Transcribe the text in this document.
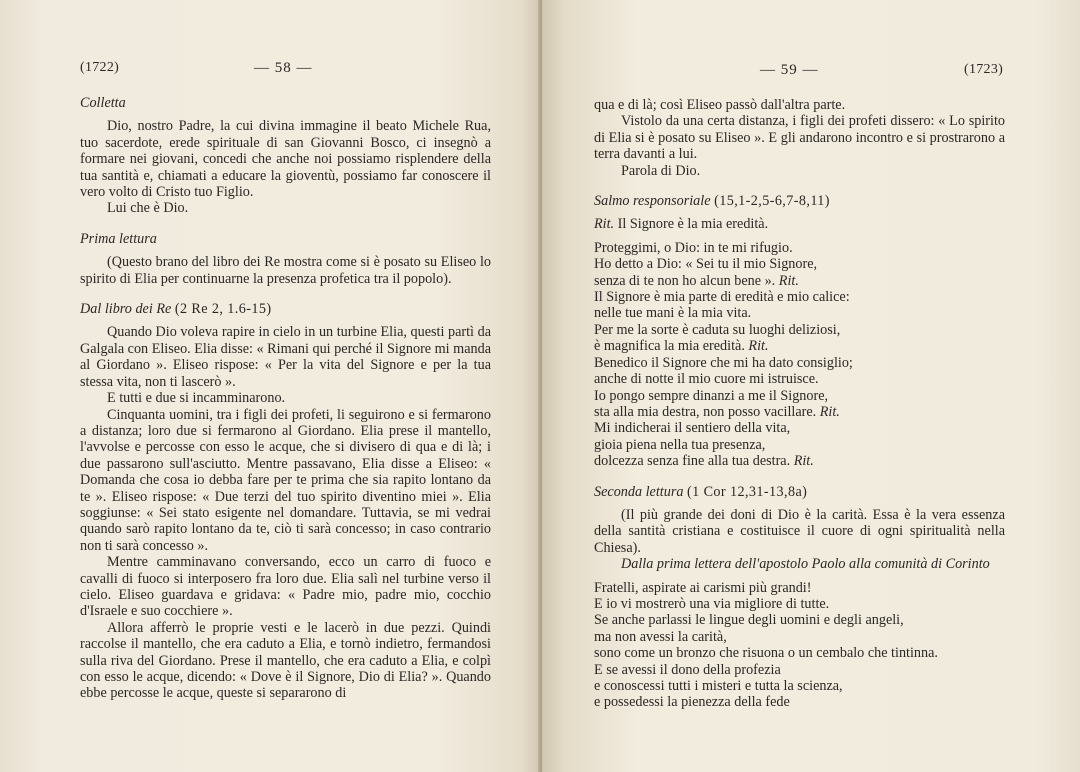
(1722)	— 58 —
Colletta

Dio, nostro Padre, la cui divina immagine il beato Michele Rua, tuo sacerdote, erede spirituale di san Giovanni Bosco, ci insegnò a formare nei giovani, concedi che anche noi possiamo risplendere della tua santità e, chiamati a educare la gioventù, possiamo far conoscere il vero volto di Cristo tuo Figlio.

Lui che è Dio.

Prima lettura

(Questo brano del libro dei Re mostra come si è posato su Eliseo lo spirito di Elia per continuarne la presenza profetica tra il popolo).

Dal libro dei Re (2 Re 2, 1.6-15)

Quando Dio voleva rapire in cielo in un turbine Elia, questi partì da Galgala con Eliseo. Elia disse: « Rimani qui perché il Signore mi manda al Giordano ». Eliseo rispose: « Per la vita del Signore e per la tua stessa vita, non ti lascerò ».

E tutti e due si incamminarono.

Cinquanta uomini, tra i figli dei profeti, li seguirono e si fermarono a distanza; loro due si fermarono al Giordano. Elia prese il mantello, l'avvolse e percosse con esso le acque, che si divisero di qua e di là; i due passarono sull'asciutto. Mentre passavano, Elia disse a Eliseo: « Domanda che cosa io debba fare per te prima che sia rapito lontano da te ». Eliseo rispose: « Due terzi del tuo spirito diventino miei ». Elia soggiunse: « Sei stato esigente nel domandare. Tuttavia, se mi vedrai quando sarò rapito lontano da te, ciò ti sarà concesso; in caso contrario non ti sarà concesso ».

Mentre camminavano conversando, ecco un carro di fuoco e cavalli di fuoco si interposero fra loro due. Elia salì nel turbine verso il cielo. Eliseo guardava e gridava: « Padre mio, padre mio, cocchio d'Israele e suo cocchiere ».

Allora afferrò le proprie vesti e le lacerò in due pezzi. Quindi raccolse il mantello, che era caduto a Elia, e tornò indietro, fermandosi sulla riva del Giordano. Prese il mantello, che era caduto a Elia, e colpì con esso le acque, dicendo: « Dove è il Signore, Dio di Elia? ». Quando ebbe percosse le acque, queste si separarono di

— 59 —	(1723)

qua e di là; così Eliseo passò dall'altra parte.

Vistolo da una certa distanza, i figli dei profeti dissero: « Lo spirito di Elia si è posato su Eliseo ». E gli andarono incontro e si prostrarono a terra davanti a lui.

Parola di Dio.

Salmo responsoriale (15,1-2,5-6,7-8,11)
Rit. Il Signore è la mia eredità.
Proteggimi, o Dio: in te mi rifugio.
Ho detto a Dio: « Sei tu il mio Signore,
senza di te non ho alcun bene ». Rit.
Il Signore è mia parte di eredità e mio calice:
nelle tue mani è la mia vita.
Per me la sorte è caduta su luoghi deliziosi,
è magnifica la mia eredità. Rit.
Benedico il Signore che mi ha dato consiglio;
anche di notte il mio cuore mi istruisce.
Io pongo sempre dinanzi a me il Signore,
sta alla mia destra, non posso vacillare. Rit.
Mi indicherai il sentiero della vita,
gioia piena nella tua presenza,
dolcezza senza fine alla tua destra. Rit.
Seconda lettura (1 Cor 12,31-13,8a)

(Il più grande dei doni di Dio è la carità. Essa è la vera essenza della santità cristiana e costituisce il cuore di ogni spiritualità nella Chiesa).

Dalla prima lettera dell'apostolo Paolo alla comunità di Corinto

Fratelli, aspirate ai carismi più grandi!
E io vi mostrerò una via migliore di tutte.
Se anche parlassi le lingue degli uomini e degli angeli,
ma non avessi la carità,
sono come un bronzo che risuona o un cembalo che tintinna.
E se avessi il dono della profezia
e conoscessi tutti i misteri e tutta la scienza,
e possedessi la pienezza della fede
